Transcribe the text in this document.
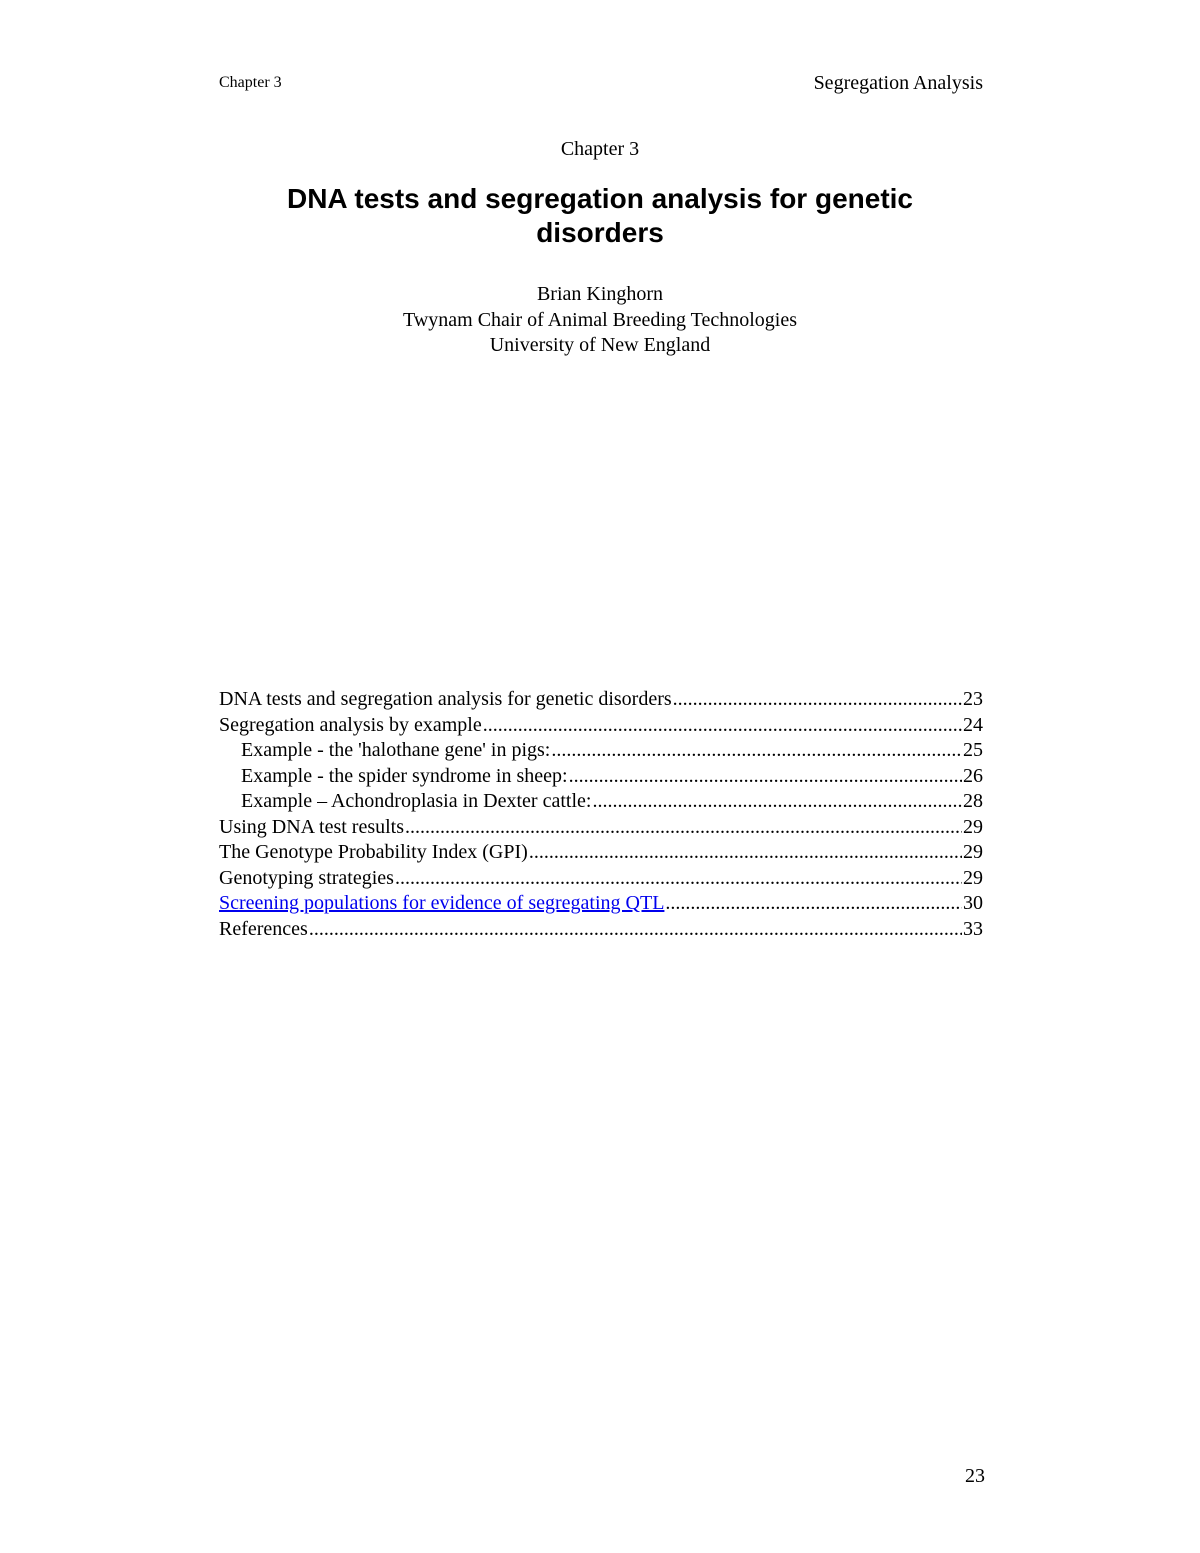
Chapter 3	Segregation Analysis
Chapter 3
DNA tests and segregation analysis for genetic disorders
Brian Kinghorn
Twynam Chair of Animal Breeding Technologies
University of New England
DNA tests and segregation analysis for genetic disorders .....	23
Segregation analysis by example .....	24
Example - the 'halothane gene' in pigs: .....	25
Example - the spider syndrome in sheep: .....	26
Example – Achondroplasia in Dexter cattle: .....	28
Using DNA test results .....	29
The Genotype Probability Index (GPI) .....	29
Genotyping strategies .....	29
Screening populations for evidence of segregating QTL .....	30
References .....	33
23
